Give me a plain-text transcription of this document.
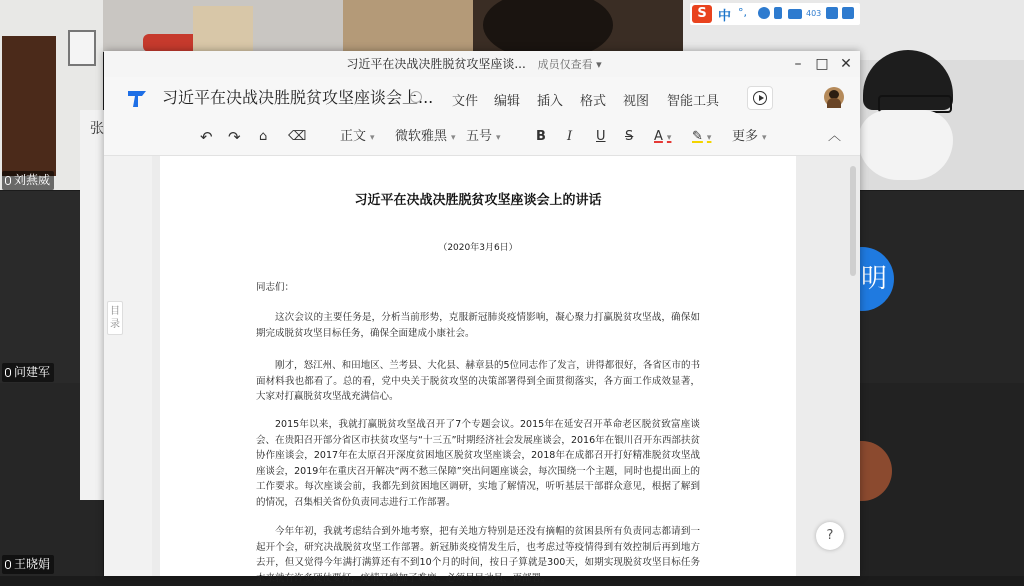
刘燕威
问建军
明
王晓娟
张
S 中 °,	403
习近平在决战决胜脱贫攻坚座谈... 成员仅查看 ▾	– □ ✕
习近平在决战决胜脱贫攻坚座谈会上... 文件 编辑 插入 格式 视图 智能工具
↶ ↷ ⌂ ⌫	正文 ▾	微软雅黑 ▾	五号 ▾	B I U S A ▾	✎ ▾	更多 ▾	︿
目录
习近平在决战决胜脱贫攻坚座谈会上的讲话
（2020年3月6日）
同志们：
这次会议的主要任务是，分析当前形势，克服新冠肺炎疫情影响，凝心聚力打赢脱贫攻坚战，确保如期完成脱贫攻坚目标任务，确保全面建成小康社会。
刚才，怒江州、和田地区、兰考县、大化县、赫章县的5位同志作了发言，讲得都很好，各省区市的书面材料我也都看了。总的看，党中央关于脱贫攻坚的决策部署得到全面贯彻落实，各方面工作成效显著，大家对打赢脱贫攻坚战充满信心。
2015年以来，我就打赢脱贫攻坚战召开了7个专题会议。2015年在延安召开革命老区脱贫致富座谈会、在贵阳召开部分省区市扶贫攻坚与“十三五”时期经济社会发展座谈会，2016年在银川召开东西部扶贫协作座谈会，2017年在太原召开深度贫困地区脱贫攻坚座谈会，2018年在成都召开打好精准脱贫攻坚战座谈会，2019年在重庆召开解决“两不愁三保障”突出问题座谈会，每次围绕一个主题，同时也提出面上的工作要求。每次座谈会前，我都先到贫困地区调研，实地了解情况，听听基层干部群众意见，根据了解到的情况，召集相关省份负责同志进行工作部署。
今年年初，我就考虑结合到外地考察，把有关地方特别是还没有摘帽的贫困县所有负责同志都请到一起开个会，研究决战脱贫攻坚工作部署。新冠肺炎疫情发生后，也考虑过等疫情得到有效控制后再到地方去开，但又觉得今年满打满算还有不到10个月的时间，按日子算就是300天，如期实现脱贫攻坚目标任务本来就有许多硬仗要打，疫情又增加了难度，必须尽早动员、再部署。
?
